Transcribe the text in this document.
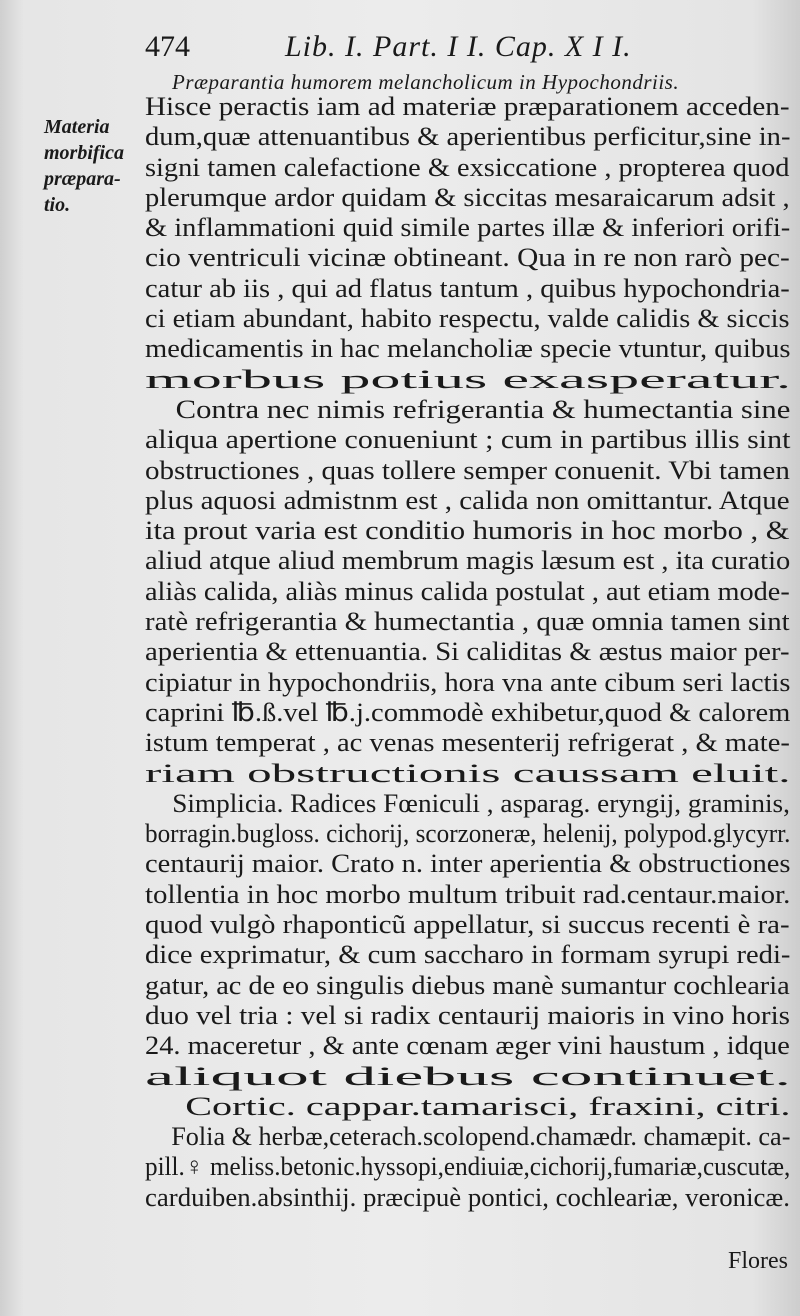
474	Lib. I. Part. I I. Cap. X I I.
Præparantia humorem melancholicum in Hypochondriis.
Materia
morbifica
præpara-
tio.
Hisce peractis iam ad materiæ præparationem acceden-
dum,quæ attenuantibus & aperientibus perficitur,sine in-
signi tamen calefactione & exsiccatione , propterea quod
plerumque ardor quidam & siccitas mesaraicarum adsit ,
& inflammationi quid simile partes illæ & inferiori orifi-
cio ventriculi vicinæ obtineant. Qua in re non rarò pec-
catur ab iis , qui ad flatus tantum , quibus hypochondria-
ci etiam abundant, habito respectu, valde calidis & siccis
medicamentis in hac melancholiæ specie vtuntur, quibus
morbus potius exasperatur.
Contra nec nimis refrigerantia & humectantia sine
aliqua apertione conueniunt ; cum in partibus illis sint
obstructiones , quas tollere semper conuenit. Vbi tamen
plus aquosi admistnm est , calida non omittantur. Atque
ita prout varia est conditio humoris in hoc morbo , &
aliud atque aliud membrum magis læsum est , ita curatio
aliàs calida, aliàs minus calida postulat , aut etiam mode-
ratè refrigerantia & humectantia , quæ omnia tamen sint
aperientia & ettenuantia. Si caliditas & æstus maior per-
cipiatur in hypochondriis, hora vna ante cibum seri lactis
caprini ℔.ß.vel ℔.j.commodè exhibetur,quod & calorem
istum temperat , ac venas mesenterij refrigerat , & mate-
riam obstructionis caussam eluit.
Simplicia. Radices Fœniculi , asparag. eryngij, graminis,
borragin.bugloss. cichorij, scorzoneræ, helenij, polypod.glycyrr.
centaurij maior. Crato n. inter aperientia & obstructiones
tollentia in hoc morbo multum tribuit rad.centaur.maior.
quod vulgò rhaponticũ appellatur, si succus recenti è ra-
dice exprimatur, & cum saccharo in formam syrupi redi-
gatur, ac de eo singulis diebus manè sumantur cochlearia
duo vel tria : vel si radix centaurij maioris in vino horis
24. maceretur , & ante cœnam æger vini haustum , idque
aliquot diebus continuet.
Cortic. cappar.tamarisci, fraxini, citri.
Folia & herbæ,ceterach.scolopend.chamædr. chamæpit. ca-
pill.♀ meliss.betonic.hyssopi,endiuiæ,cichorij,fumariæ,cuscutæ,
carduiben.absinthij. præcipuè pontici, cochleariæ, veronicæ.
Flores
